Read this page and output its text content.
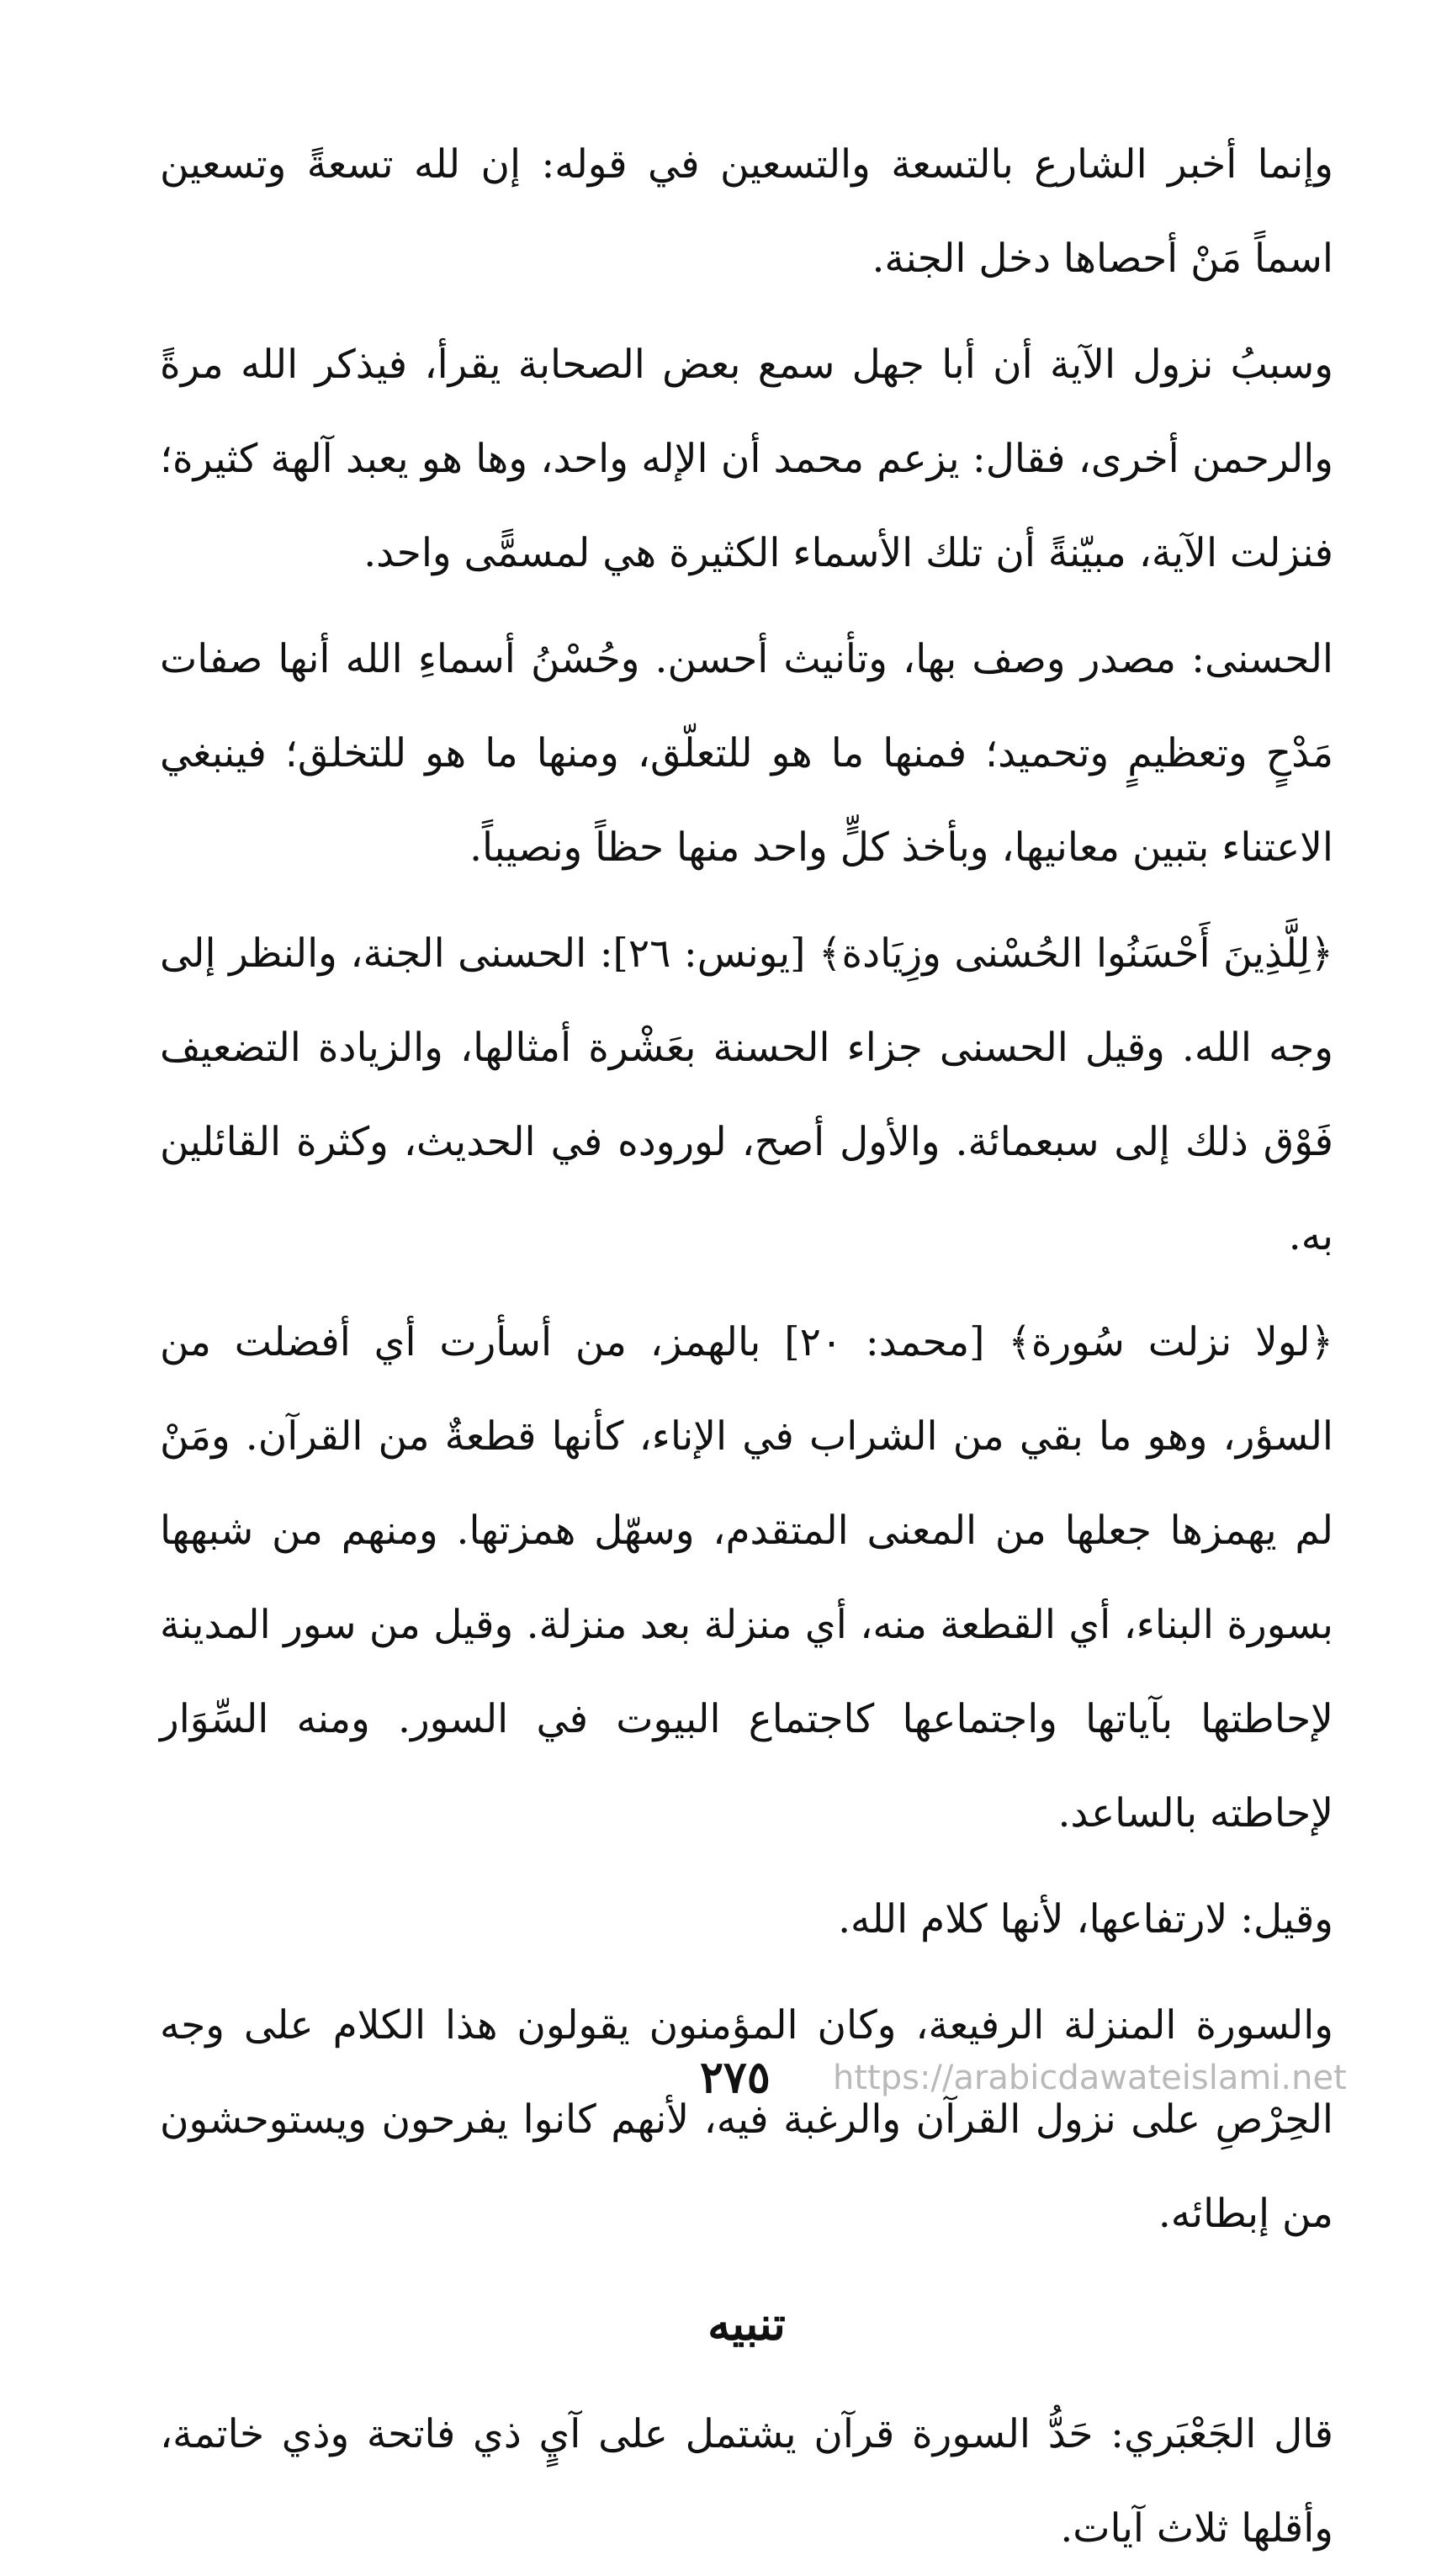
وإنما أخبر الشارع بالتسعة والتسعين في قوله: إن لله تسعةً وتسعين اسماً مَنْ أحصاها دخل الجنة.

وسببُ نزول الآية أن أبا جهل سمع بعض الصحابة يقرأ، فيذكر الله مرةً والرحمن أخرى، فقال: يزعم محمد أن الإله واحد، وها هو يعبد آلهة كثيرة؛ فنزلت الآية، مبيّنةً أن تلك الأسماء الكثيرة هي لمسمًّى واحد.

الحسنى: مصدر وصف بها، وتأنيث أحسن. وحُسْنُ أسماءِ الله أنها صفات مَدْحٍ وتعظيمٍ وتحميد؛ فمنها ما هو للتعلّق، ومنها ما هو للتخلق؛ فينبغي الاعتناء بتبين معانيها، وبأخذ كلٍّ واحد منها حظاً ونصيباً.

﴿لِلَّذِينَ أَحْسَنُوا الحُسْنى وزِيَادة﴾ [يونس: ٢٦]: الحسنى الجنة، والنظر إلى وجه الله. وقيل الحسنى جزاء الحسنة بعَشْرة أمثالها، والزيادة التضعيف فَوْق ذلك إلى سبعمائة. والأول أصح، لوروده في الحديث، وكثرة القائلين به.

﴿لولا نزلت سُورة﴾ [محمد: ٢٠] بالهمز، من أسأرت أي أفضلت من السؤر، وهو ما بقي من الشراب في الإناء، كأنها قطعةٌ من القرآن. ومَنْ لم يهمزها جعلها من المعنى المتقدم، وسهّل همزتها. ومنهم من شبهها بسورة البناء، أي القطعة منه، أي منزلة بعد منزلة. وقيل من سور المدينة لإحاطتها بآياتها واجتماعها كاجتماع البيوت في السور. ومنه السِّوَار لإحاطته بالساعد.

وقيل: لارتفاعها، لأنها كلام الله.

والسورة المنزلة الرفيعة، وكان المؤمنون يقولون هذا الكلام على وجه الحِرْصِ على نزول القرآن والرغبة فيه، لأنهم كانوا يفرحون ويستوحشون من إبطائه.

تنبيه

قال الجَعْبَري: حَدُّ السورة قرآن يشتمل على آيٍ ذي فاتحة وذي خاتمة، وأقلها ثلاث آيات.

٢٧٥ https://arabicdawateislami.net
